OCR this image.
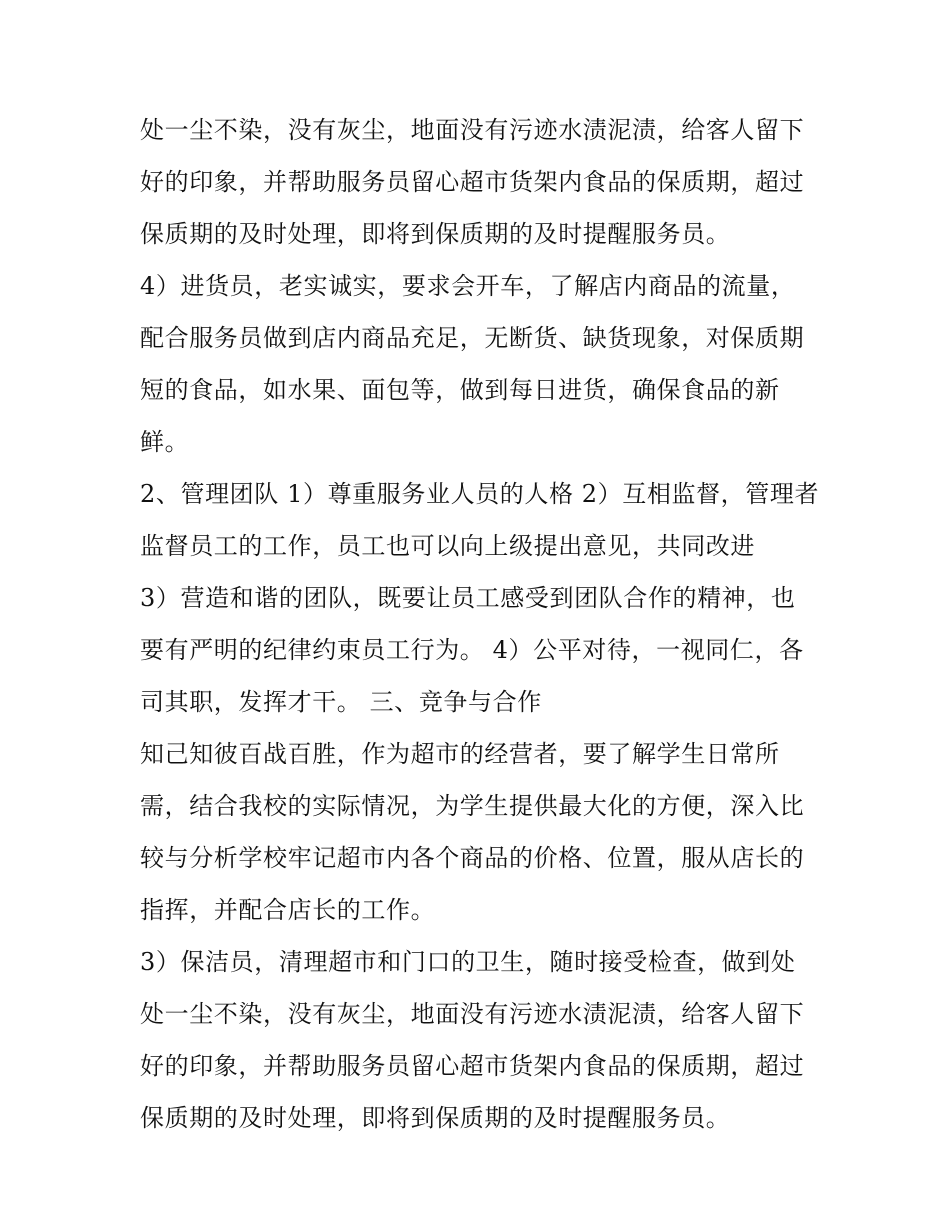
处一尘不染，没有灰尘，地面没有污迹水渍泥渍，给客人留下
好的印象，并帮助服务员留心超市货架内食品的保质期，超过
保质期的及时处理，即将到保质期的及时提醒服务员。
4）进货员，老实诚实，要求会开车，了解店内商品的流量，
配合服务员做到店内商品充足，无断货、缺货现象，对保质期
短的食品，如水果、面包等，做到每日进货，确保食品的新
鲜。
2、管理团队 1）尊重服务业人员的人格 2）互相监督，管理者
监督员工的工作，员工也可以向上级提出意见，共同改进
3）营造和谐的团队，既要让员工感受到团队合作的精神，也
要有严明的纪律约束员工行为。 4）公平对待，一视同仁，各
司其职，发挥才干。 三、竞争与合作
知己知彼百战百胜，作为超市的经营者，要了解学生日常所
需，结合我校的实际情况，为学生提供最大化的方便，深入比
较与分析学校牢记超市内各个商品的价格、位置，服从店长的
指挥，并配合店长的工作。
3）保洁员，清理超市和门口的卫生，随时接受检查，做到处
处一尘不染，没有灰尘，地面没有污迹水渍泥渍，给客人留下
好的印象，并帮助服务员留心超市货架内食品的保质期，超过
保质期的及时处理，即将到保质期的及时提醒服务员。
